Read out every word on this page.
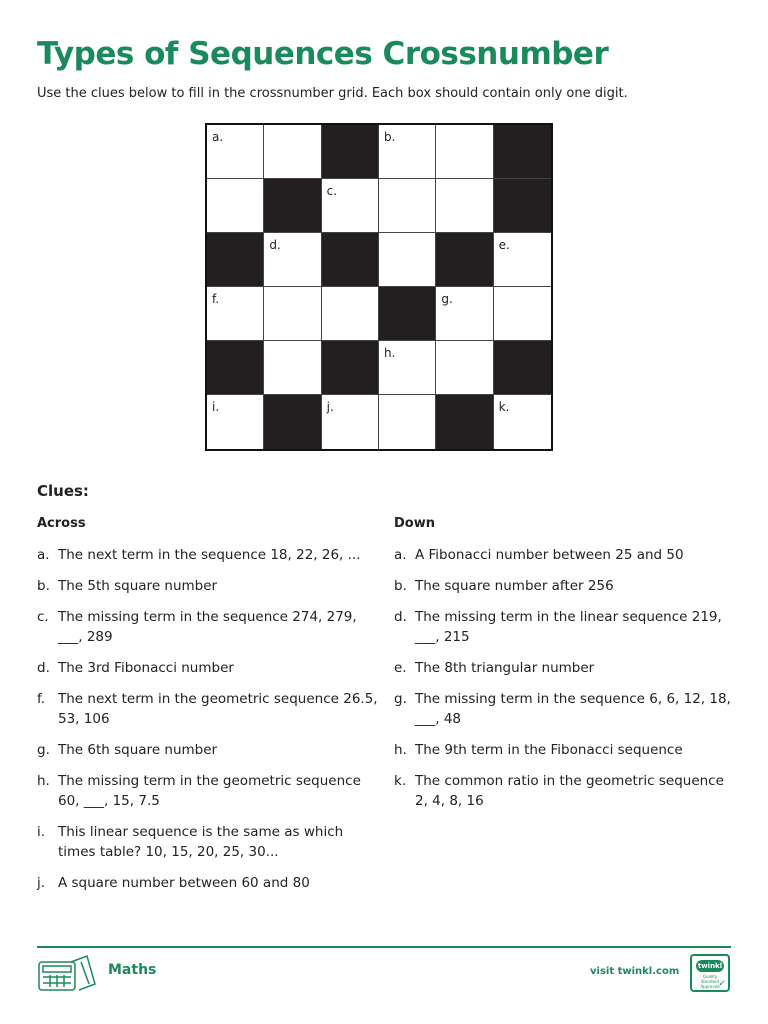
Types of Sequences Crossnumber
Use the clues below to fill in the crossnumber grid. Each box should contain only one digit.
a.	b.
c.
d.	e.
f.	g.
h.
i.	j.	k.
Clues:
Across
a. The next term in the sequence 18, 22, 26, ...
b. The 5th square number
c. The missing term in the sequence 274, 279, ___, 289
d. The 3rd Fibonacci number
f. The next term in the geometric sequence 26.5, 53, 106
g. The 6th square number
h. The missing term in the geometric sequence 60, ___, 15, 7.5
i. This linear sequence is the same as which times table? 10, 15, 20, 25, 30...
j. A square number between 60 and 80
Down
a. A Fibonacci number between 25 and 50
b. The square number after 256
d. The missing term in the linear sequence 219, ___, 215
e. The 8th triangular number
g. The missing term in the sequence 6, 6, 12, 18, ___, 48
h. The 9th term in the Fibonacci sequence
k. The common ratio in the geometric sequence 2, 4, 8, 16
Maths	visit twinkl.com	twinkl
Quality Standard Approved
✓
